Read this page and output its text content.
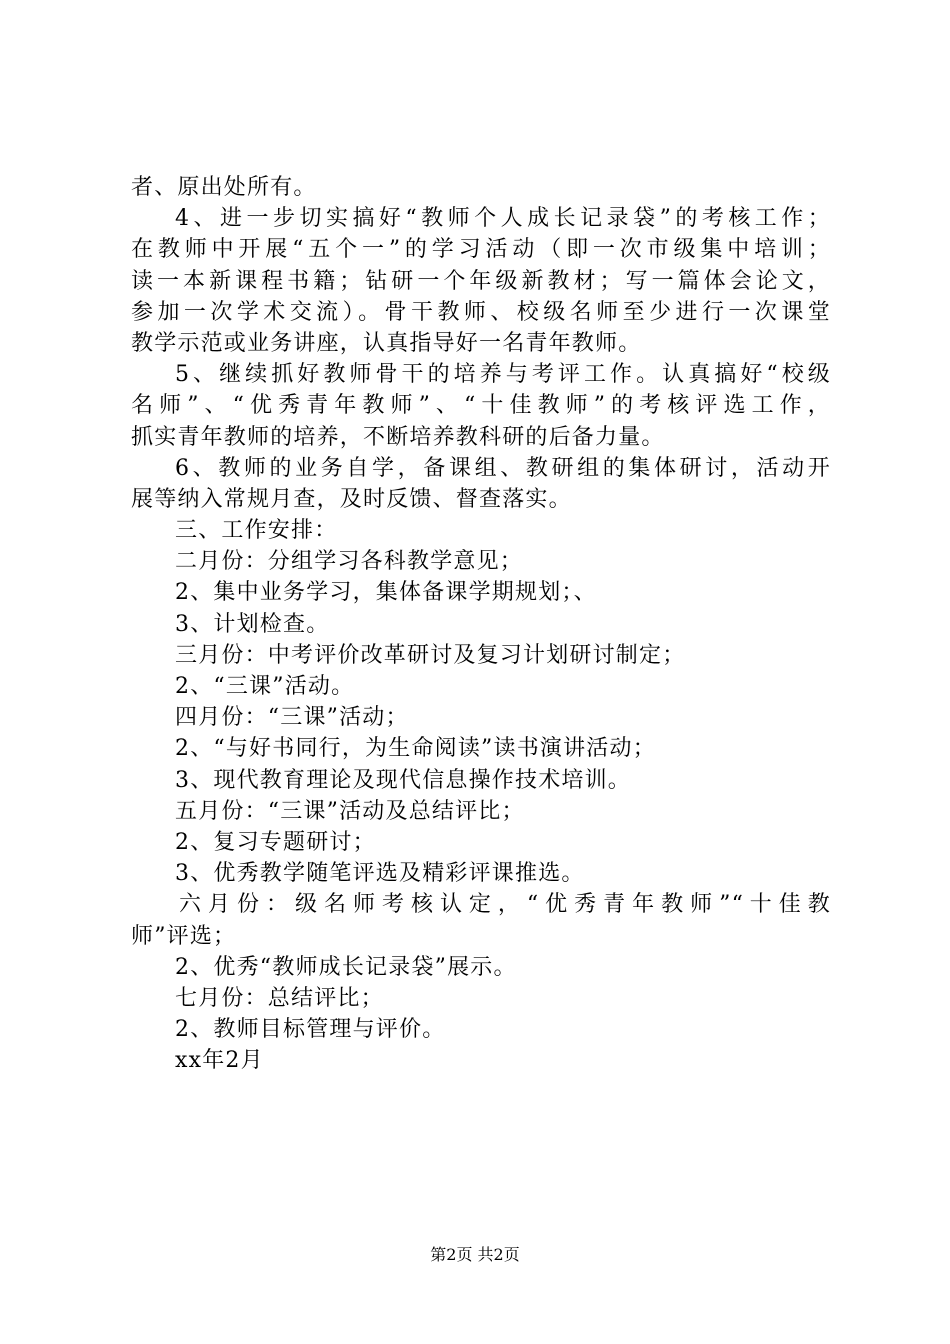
者、原出处所有。
4、进一步切实搞好“教师个人成长记录袋”的考核工作；
在教师中开展“五个一”的学习活动（即一次市级集中培训；
读一本新课程书籍；钻研一个年级新教材；写一篇体会论文，
参加一次学术交流）。骨干教师、校级名师至少进行一次课堂
教学示范或业务讲座，认真指导好一名青年教师。
5、继续抓好教师骨干的培养与考评工作。认真搞好“校级
名师”、“优秀青年教师”、“十佳教师”的考核评选工作，
抓实青年教师的培养，不断培养教科研的后备力量。
6、教师的业务自学，备课组、教研组的集体研讨，活动开
展等纳入常规月查，及时反馈、督查落实。
三、工作安排：
二月份：分组学习各科教学意见；
2、集中业务学习，集体备课学期规划；、
3、计划检查。
三月份：中考评价改革研讨及复习计划研讨制定；
2、“三课”活动。
四月份：“三课”活动；
2、“与好书同行，为生命阅读”读书演讲活动；
3、现代教育理论及现代信息操作技术培训。
五月份：“三课”活动及总结评比；
2、复习专题研讨；
3、优秀教学随笔评选及精彩评课推选。
六月份：级名师考核认定，“优秀青年教师”“十佳教
师”评选；
2、优秀“教师成长记录袋”展示。
七月份：总结评比；
2、教师目标管理与评价。
xx年2月
第2页 共2页
